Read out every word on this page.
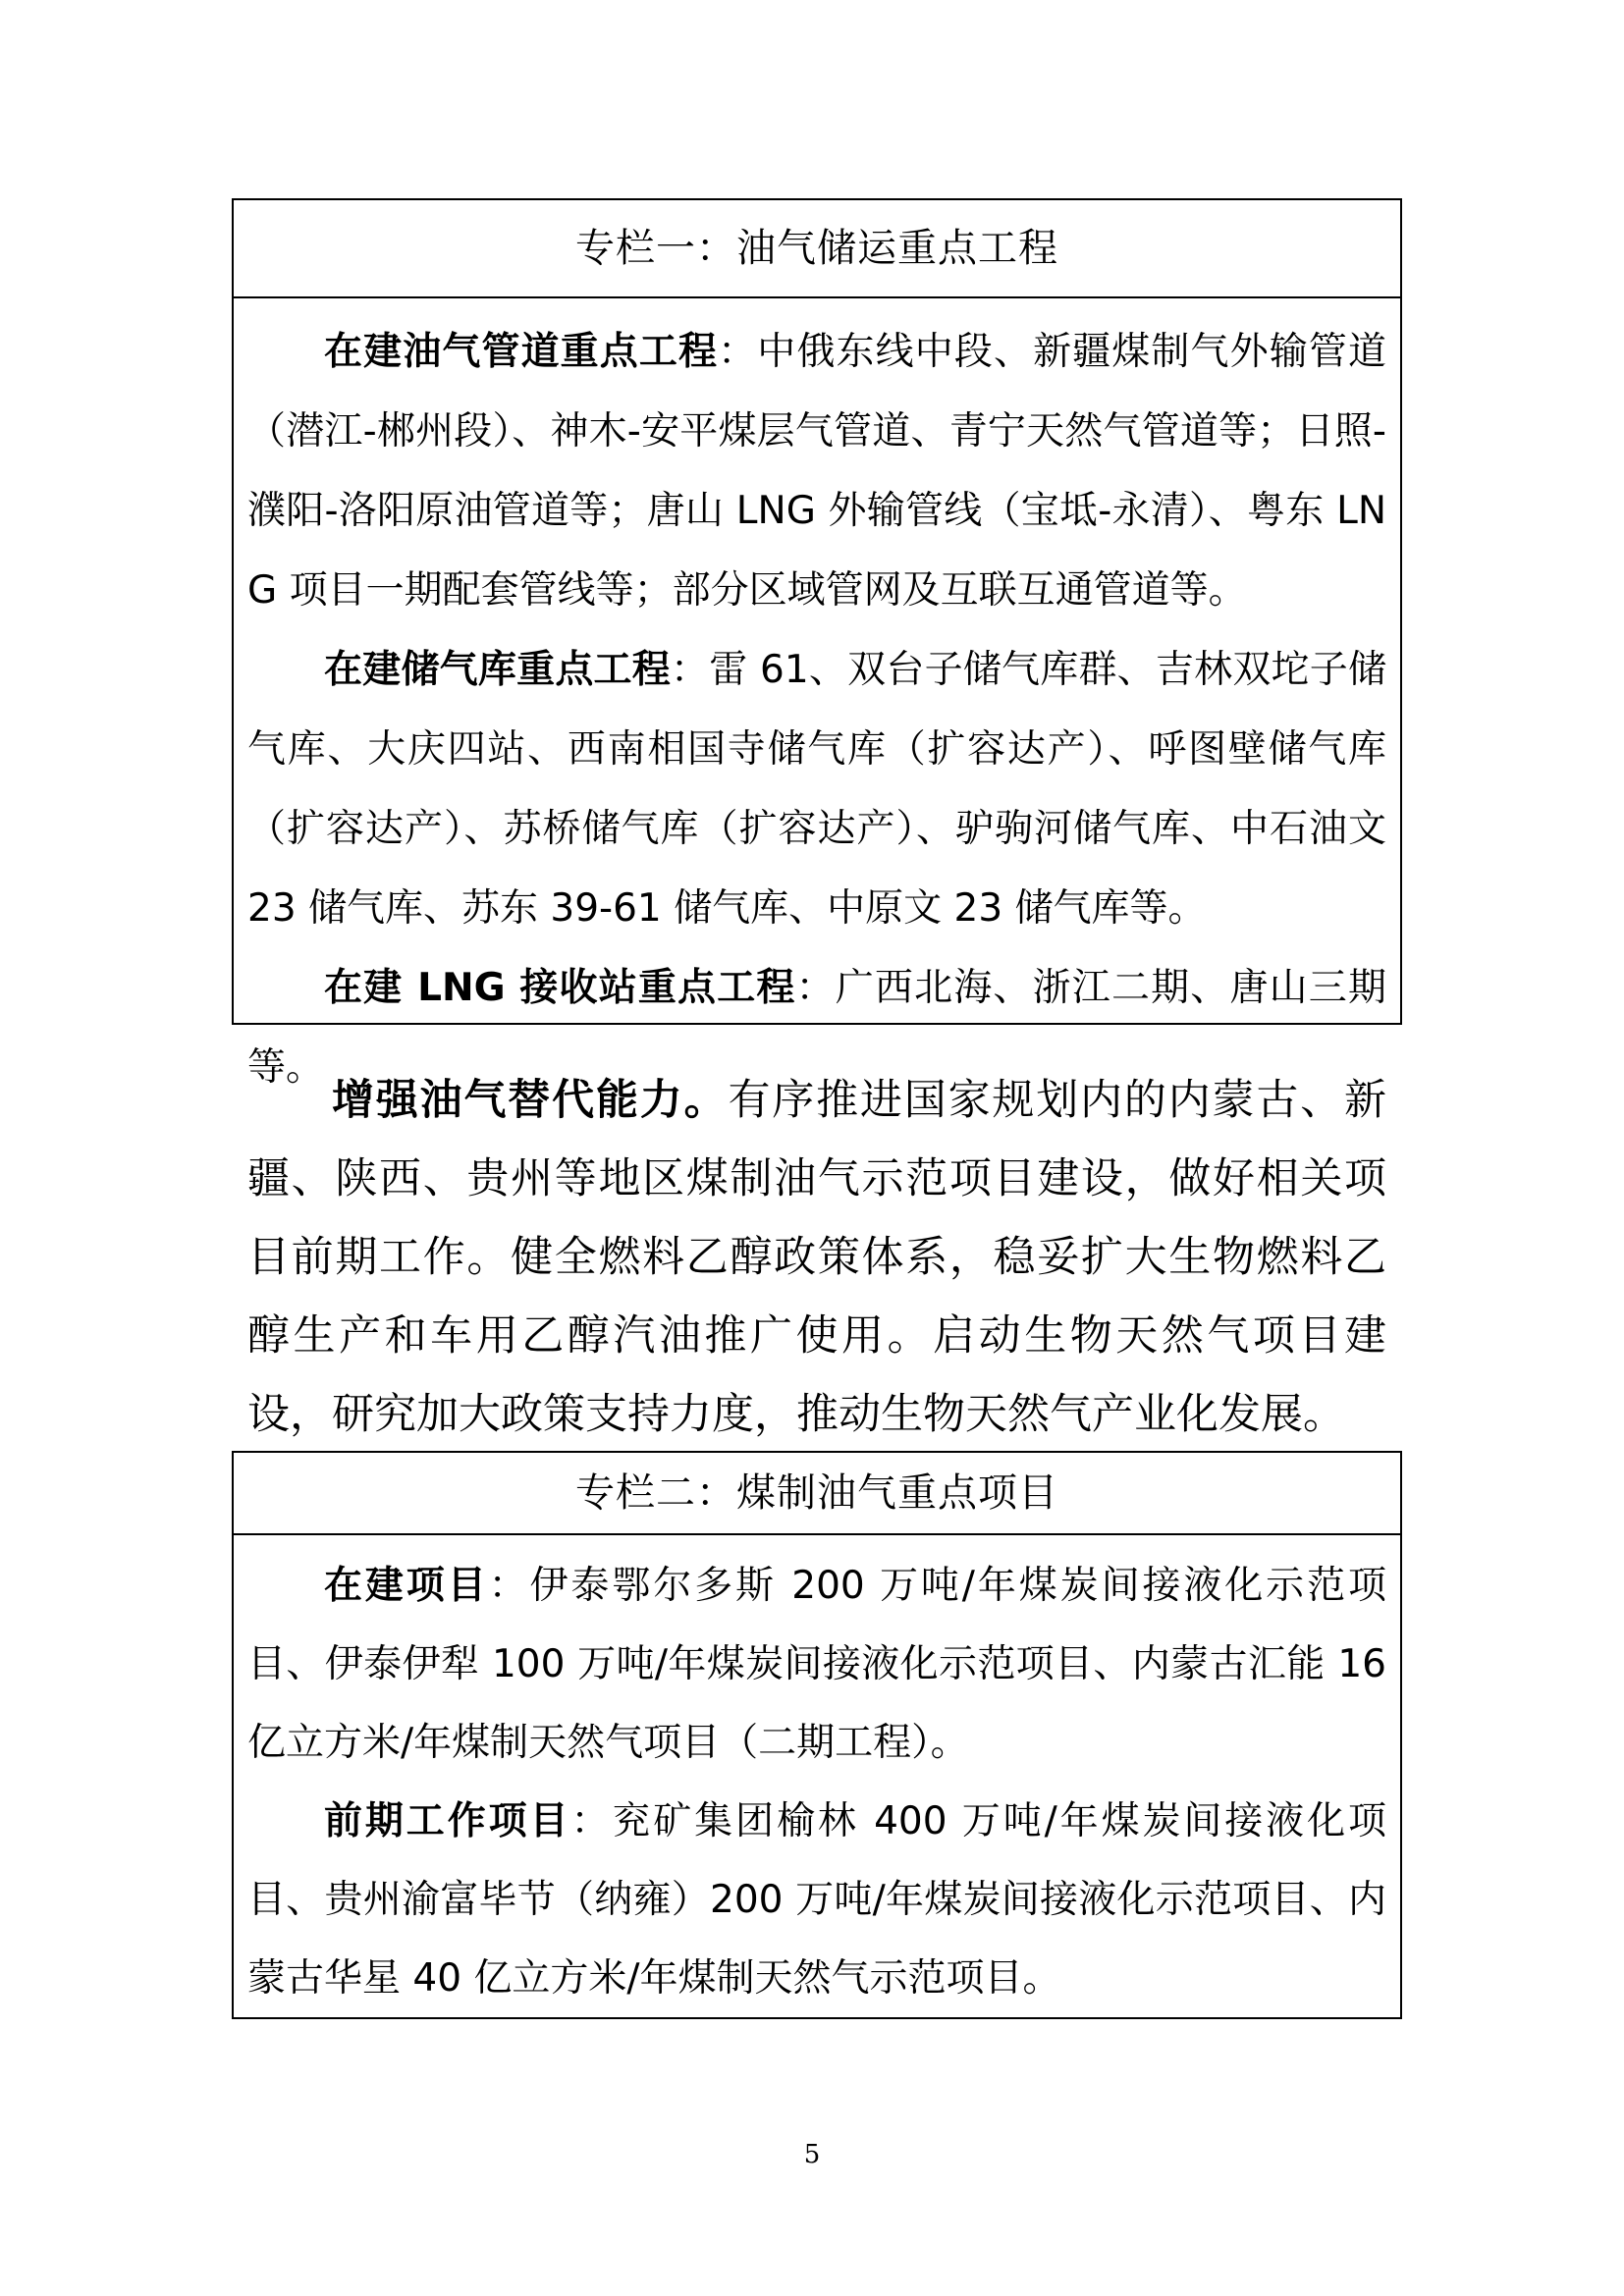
专栏一：油气储运重点工程

在建油气管道重点工程：中俄东线中段、新疆煤制气外输管道（潜江-郴州段）、神木-安平煤层气管道、青宁天然气管道等；日照-濮阳-洛阳原油管道等；唐山 LNG 外输管线（宝坻-永清）、粤东 LNG 项目一期配套管线等；部分区域管网及互联互通管道等。

在建储气库重点工程：雷 61、双台子储气库群、吉林双坨子储气库、大庆四站、西南相国寺储气库（扩容达产）、呼图壁储气库（扩容达产）、苏桥储气库（扩容达产）、驴驹河储气库、中石油文 23 储气库、苏东 39-61 储气库、中原文 23 储气库等。

在建 LNG 接收站重点工程：广西北海、浙江二期、唐山三期等。

增强油气替代能力。有序推进国家规划内的内蒙古、新疆、陕西、贵州等地区煤制油气示范项目建设，做好相关项目前期工作。健全燃料乙醇政策体系，稳妥扩大生物燃料乙醇生产和车用乙醇汽油推广使用。启动生物天然气项目建设，研究加大政策支持力度，推动生物天然气产业化发展。

专栏二：煤制油气重点项目

在建项目：伊泰鄂尔多斯 200 万吨/年煤炭间接液化示范项目、伊泰伊犁 100 万吨/年煤炭间接液化示范项目、内蒙古汇能 16 亿立方米/年煤制天然气项目（二期工程）。

前期工作项目：兖矿集团榆林 400 万吨/年煤炭间接液化项目、贵州渝富毕节（纳雍）200 万吨/年煤炭间接液化示范项目、内蒙古华星 40 亿立方米/年煤制天然气示范项目。

5
